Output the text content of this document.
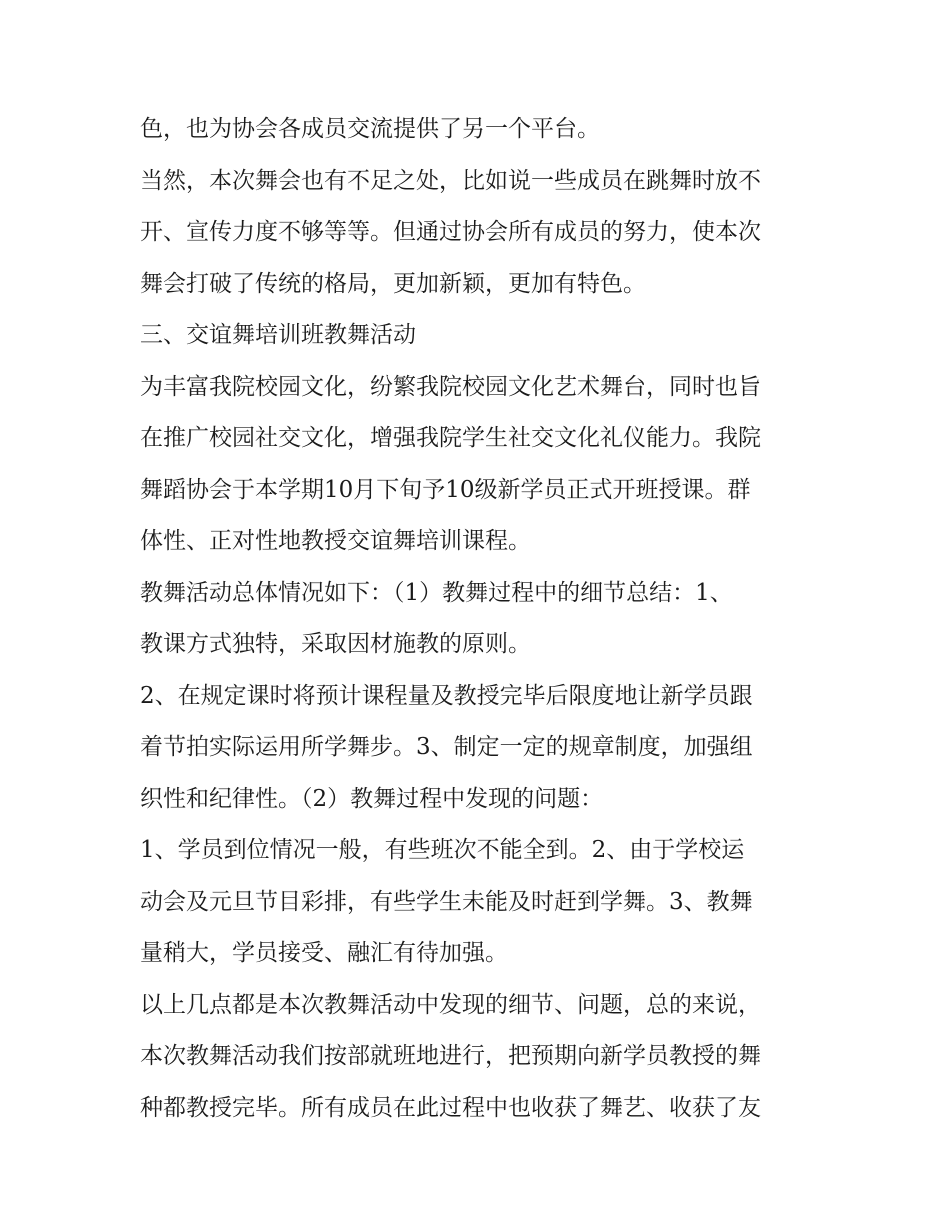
色，也为协会各成员交流提供了另一个平台。
当然，本次舞会也有不足之处，比如说一些成员在跳舞时放不
开、宣传力度不够等等。但通过协会所有成员的努力，使本次
舞会打破了传统的格局，更加新颖，更加有特色。
三、交谊舞培训班教舞活动
为丰富我院校园文化，纷繁我院校园文化艺术舞台，同时也旨
在推广校园社交文化，增强我院学生社交文化礼仪能力。我院
舞蹈协会于本学期10月下旬予10级新学员正式开班授课。群
体性、正对性地教授交谊舞培训课程。
教舞活动总体情况如下：（1）教舞过程中的细节总结：1、
教课方式独特，采取因材施教的原则。
2、在规定课时将预计课程量及教授完毕后限度地让新学员跟
着节拍实际运用所学舞步。3、制定一定的规章制度，加强组
织性和纪律性。（2）教舞过程中发现的问题：
1、学员到位情况一般，有些班次不能全到。2、由于学校运
动会及元旦节目彩排，有些学生未能及时赶到学舞。3、教舞
量稍大，学员接受、融汇有待加强。
以上几点都是本次教舞活动中发现的细节、问题，总的来说，
本次教舞活动我们按部就班地进行，把预期向新学员教授的舞
种都教授完毕。所有成员在此过程中也收获了舞艺、收获了友
